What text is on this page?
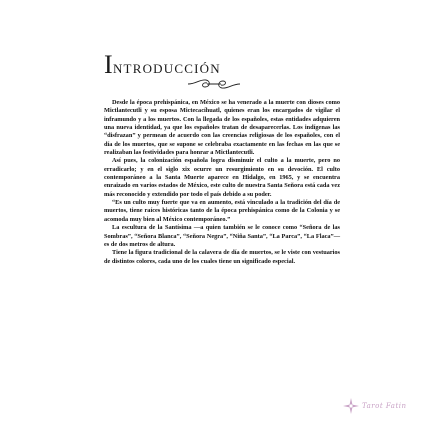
INTRODUCCIÓN

Desde la época prehispánica, en México se ha venerado a la muerte con dioses como Mictlantecutli y su esposa Mictecacíhuatl, quienes eran los encargados de vigilar el inframundo y a los muertos. Con la llegada de los españoles, estas entidades adquieren una nueva identidad, ya que los españoles tratan de desaparecerlas. Los indígenas las “disfrazan” y permean de acuerdo con las creencias religiosas de los españoles, con el día de los muertos, que se supone se celebraba exactamente en las fechas en las que se realizaban las festividades para honrar a Mictlantecutli.

Así pues, la colonización española logra disminuir el culto a la muerte, pero no erradicarlo; y en el siglo xix ocurre un resurgimiento en su devoción. El culto contemporáneo a la Santa Muerte aparece en Hidalgo, en 1965, y se encuentra enraizado en varios estados de México, este culto de nuestra Santa Señora está cada vez más reconocido y extendido por todo el país debido a su poder.

“Es un culto muy fuerte que va en aumento, está vinculado a la tradición del día de muertos, tiene raíces históricas tanto de la época prehispánica como de la Colonia y se acomoda muy bien al México contemporáneo.”

La escultura de la Santísima —a quien también se le conoce como “Señora de las Sombras”, “Señora Blanca”, “Señora Negra”, “Niña Santa”, “La Parca”, “La Flaca”— es de dos metros de altura.

Tiene la figura tradicional de la calavera de día de muertos, se le viste con vestuarios de distintos colores, cada uno de los cuales tiene un significado especial.

Tarot Fatin
